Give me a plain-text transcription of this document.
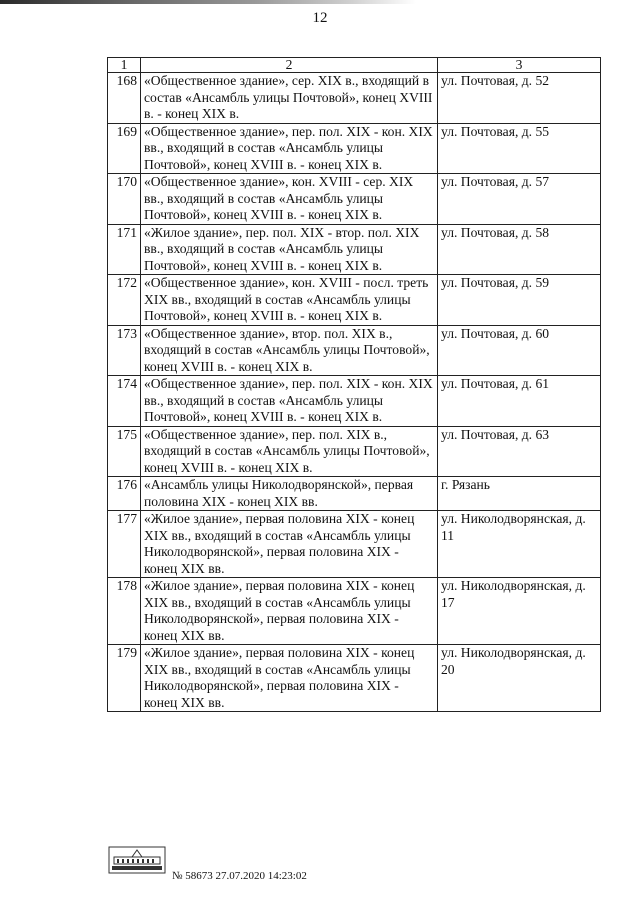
12
1	2	3
168	«Общественное здание», сер. XIX в., входящий в состав «Ансамбль улицы Почтовой», конец XVIII в. - конец XIX в.	ул. Почтовая, д. 52
169	«Общественное здание», пер. пол. XIX - кон. XIX вв., входящий в состав «Ансамбль улицы Почтовой», конец XVIII в. - конец XIX в.	ул. Почтовая, д. 55
170	«Общественное здание», кон. XVIII - сер. XIX вв., входящий в состав «Ансамбль улицы Почтовой», конец XVIII в. - конец XIX в.	ул. Почтовая, д. 57
171	«Жилое здание», пер. пол. XIX - втор. пол. XIX вв., входящий в состав «Ансамбль улицы Почтовой», конец XVIII в. - конец XIX в.	ул. Почтовая, д. 58
172	«Общественное здание», кон. XVIII - посл. треть XIX вв., входящий в состав «Ансамбль улицы Почтовой», конец XVIII в. - конец XIX в.	ул. Почтовая, д. 59
173	«Общественное здание», втор. пол. XIX в., входящий в состав «Ансамбль улицы Почтовой», конец XVIII в. - конец XIX в.	ул. Почтовая, д. 60
174	«Общественное здание», пер. пол. XIX - кон. XIX вв., входящий в состав «Ансамбль улицы Почтовой», конец XVIII в. - конец XIX в.	ул. Почтовая, д. 61
175	«Общественное здание», пер. пол. XIX в., входящий в состав «Ансамбль улицы Почтовой», конец XVIII в. - конец XIX в.	ул. Почтовая, д. 63
176	«Ансамбль улицы Николодворянской», первая половина XIX - конец XIX вв.	г. Рязань
177	«Жилое здание», первая половина XIX - конец XIX вв., входящий в состав «Ансамбль улицы Николодворянской», первая половина XIX - конец XIX вв.	ул. Николодворянская, д. 11
178	«Жилое здание», первая половина XIX - конец XIX вв., входящий в состав «Ансамбль улицы Николодворянской», первая половина XIX - конец XIX вв.	ул. Николодворянская, д. 17
179	«Жилое здание», первая половина XIX - конец XIX вв., входящий в состав «Ансамбль улицы Николодворянской», первая половина XIX - конец XIX вв.	ул. Николодворянская, д. 20
№ 58673 27.07.2020 14:23:02
